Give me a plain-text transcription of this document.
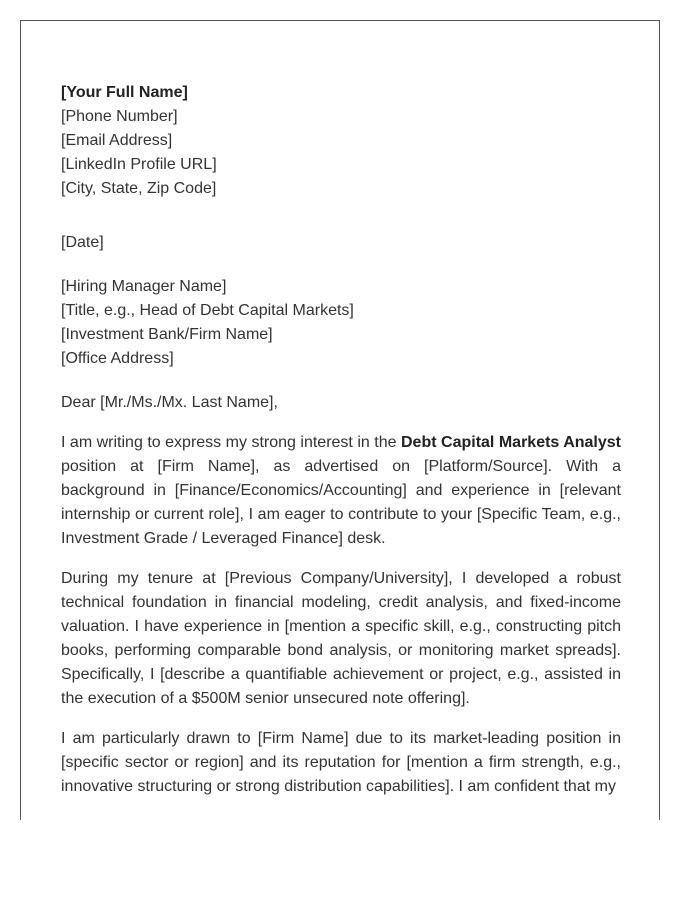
[Your Full Name]
[Phone Number]
[Email Address]
[LinkedIn Profile URL]
[City, State, Zip Code]
[Date]
[Hiring Manager Name]
[Title, e.g., Head of Debt Capital Markets]
[Investment Bank/Firm Name]
[Office Address]
Dear [Mr./Ms./Mx. Last Name],

I am writing to express my strong interest in the Debt Capital Markets Analyst position at [Firm Name], as advertised on [Platform/Source]. With a background in [Finance/Economics/Accounting] and experience in [relevant internship or current role], I am eager to contribute to your [Specific Team, e.g., Investment Grade / Leveraged Finance] desk.

During my tenure at [Previous Company/University], I developed a robust technical foundation in financial modeling, credit analysis, and fixed-income valuation. I have experience in [mention a specific skill, e.g., constructing pitch books, performing comparable bond analysis, or monitoring market spreads]. Specifically, I [describe a quantifiable achievement or project, e.g., assisted in the execution of a $500M senior unsecured note offering].

I am particularly drawn to [Firm Name] due to its market-leading position in [specific sector or region] and its reputation for [mention a firm strength, e.g., innovative structuring or strong distribution capabilities]. I am confident that my
